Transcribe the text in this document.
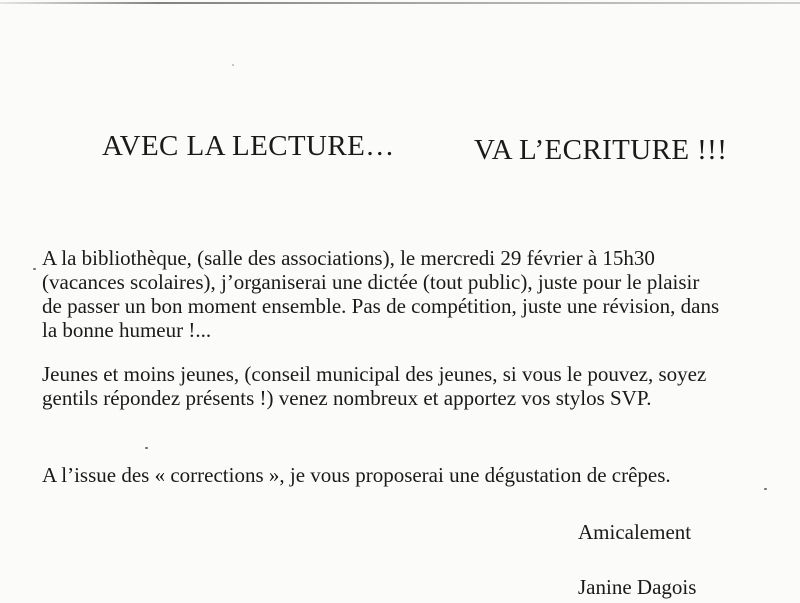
AVEC LA LECTURE…	VA L’ECRITURE !!!

A la bibliothèque, (salle des associations), le mercredi 29 février à 15h30
(vacances scolaires), j’organiserai une dictée (tout public), juste pour le plaisir
de passer un bon moment ensemble. Pas de compétition, juste une révision, dans
la bonne humeur !...

Jeunes et moins jeunes, (conseil municipal des jeunes, si vous le pouvez, soyez
gentils répondez présents !) venez nombreux et apportez vos stylos SVP.

A l’issue des « corrections », je vous proposerai une dégustation de crêpes.

Amicalement
Janine Dagois
